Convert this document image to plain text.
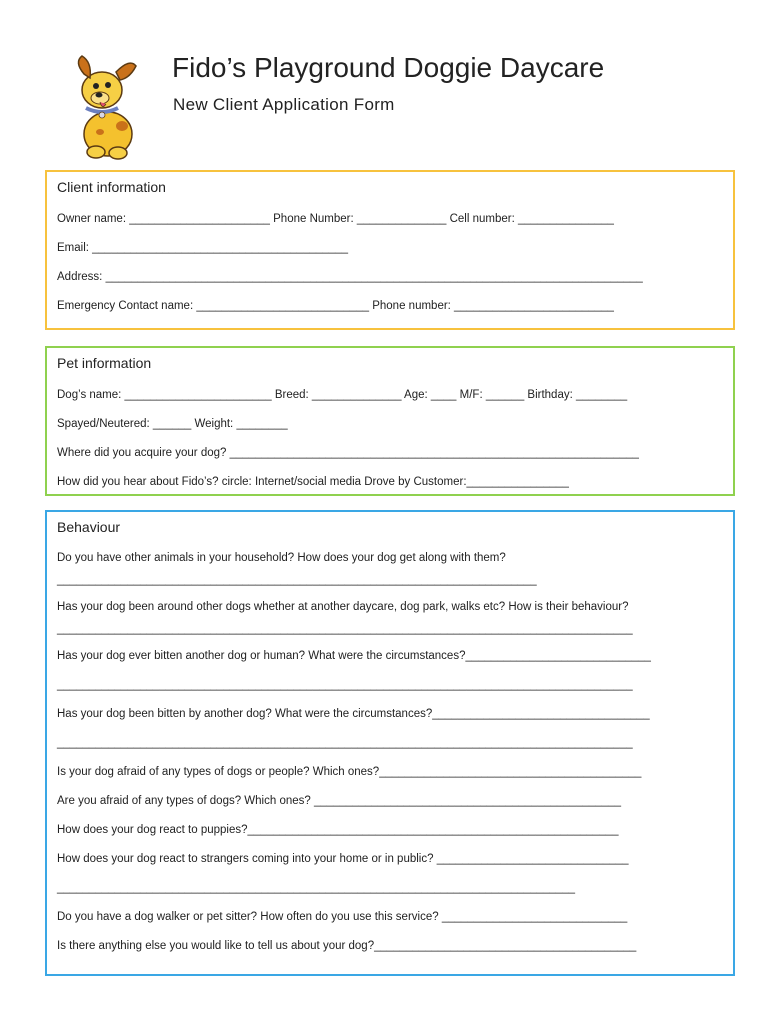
Fido’s Playground Doggie Daycare
New Client Application Form
Client information
Owner name: ______________________ Phone Number: ______________ Cell number: _______________
Email: ________________________________________
Address: ____________________________________________________________________________________
Emergency Contact name: ___________________________ Phone number: _________________________
Pet information
Dog’s name: _______________________ Breed: ______________ Age: ____ M/F: ______ Birthday: ________
Spayed/Neutered: ______ Weight: ________
Where did you acquire your dog? ________________________________________________________________
How did you hear about Fido’s? circle: Internet/social media Drove by Customer:________________
Behaviour
Do you have other animals in your household? How does your dog get along with them?
___________________________________________________________________________
Has your dog been around other dogs whether at another daycare, dog park, walks etc? How is their behaviour?
__________________________________________________________________________________________
Has your dog ever bitten another dog or human? What were the circumstances?_____________________________
__________________________________________________________________________________________
Has your dog been bitten by another dog? What were the circumstances?__________________________________
__________________________________________________________________________________________
Is your dog afraid of any types of dogs or people? Which ones?_________________________________________
Are you afraid of any types of dogs? Which ones? ________________________________________________
How does your dog react to puppies?__________________________________________________________
How does your dog react to strangers coming into your home or in public? ______________________________
_________________________________________________________________________________
Do you have a dog walker or pet sitter? How often do you use this service? _____________________________
Is there anything else you would like to tell us about your dog?_________________________________________
